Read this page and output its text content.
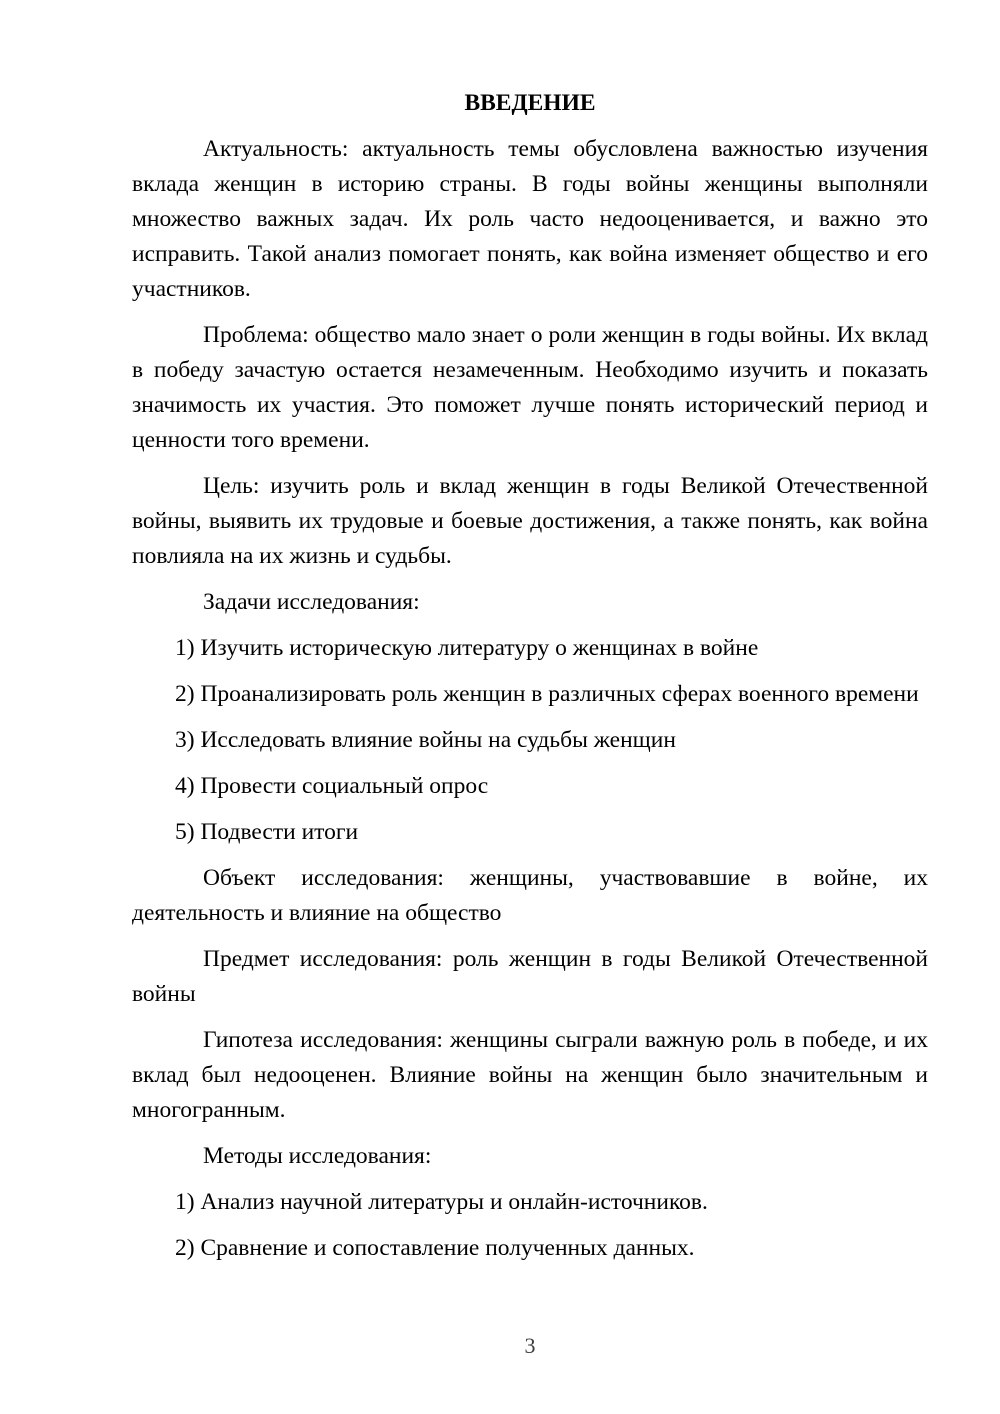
ВВЕДЕНИЕ

Актуальность: актуальность темы обусловлена важностью изучения вклада женщин в историю страны. В годы войны женщины выполняли множество важных задач. Их роль часто недооценивается, и важно это исправить. Такой анализ помогает понять, как война изменяет общество и его участников.

Проблема: общество мало знает о роли женщин в годы войны. Их вклад в победу зачастую остается незамеченным. Необходимо изучить и показать значимость их участия. Это поможет лучше понять исторический период и ценности того времени.

Цель: изучить роль и вклад женщин в годы Великой Отечественной войны, выявить их трудовые и боевые достижения, а также понять, как война повлияла на их жизнь и судьбы.

Задачи исследования:

1) Изучить историческую литературу о женщинах в войне

2) Проанализировать роль женщин в различных сферах военного времени

3) Исследовать влияние войны на судьбы женщин

4) Провести социальный опрос

5) Подвести итоги

Объект исследования: женщины, участвовавшие в войне, их деятельность и влияние на общество

Предмет исследования: роль женщин в годы Великой Отечественной войны

Гипотеза исследования: женщины сыграли важную роль в победе, и их вклад был недооценен. Влияние войны на женщин было значительным и многогранным.

Методы исследования:

1) Анализ научной литературы и онлайн-источников.

2) Сравнение и сопоставление полученных данных.

3
